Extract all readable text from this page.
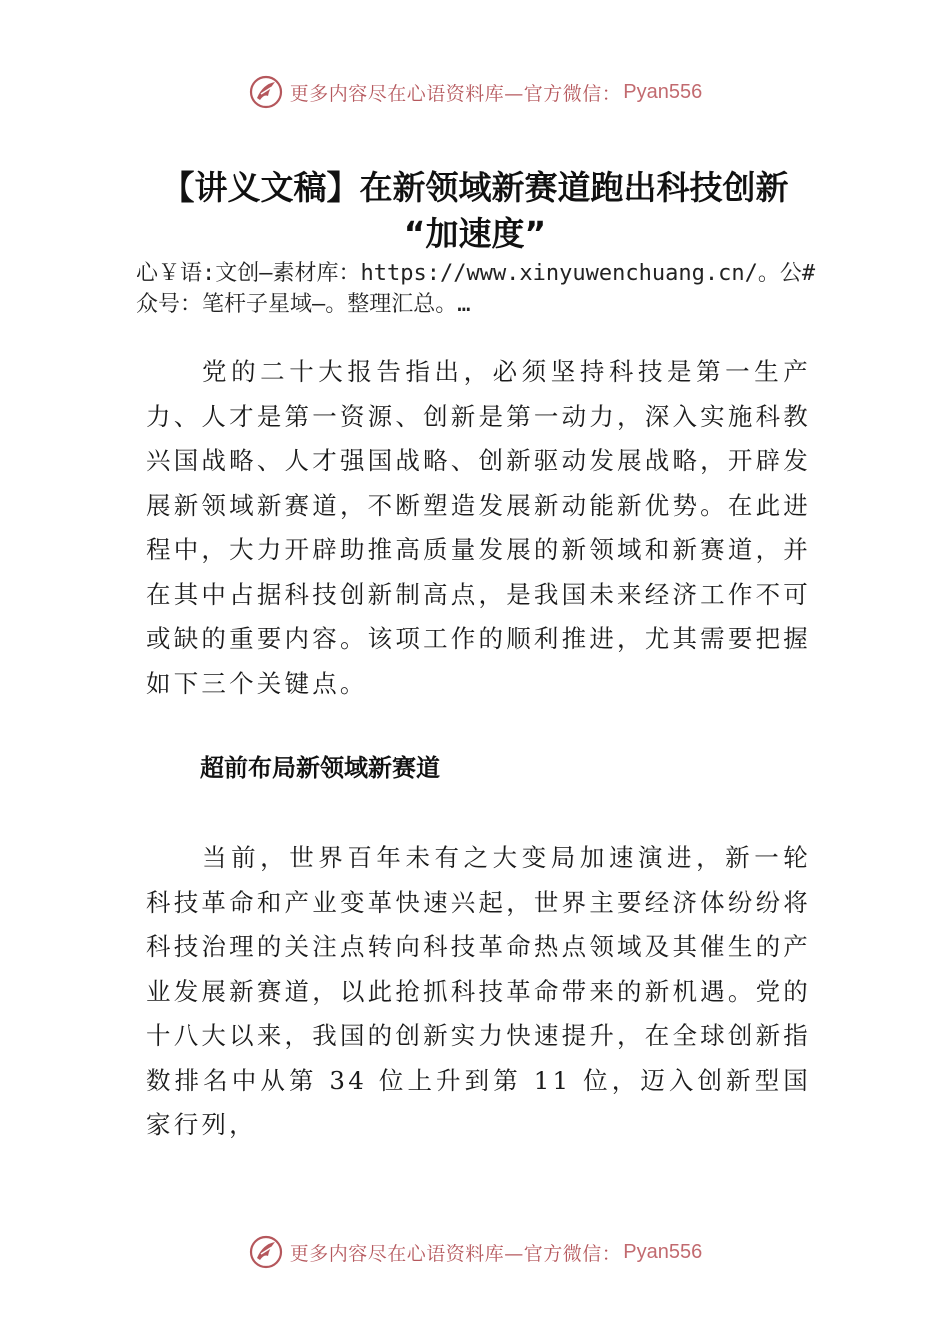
更多内容尽在心语资料库—官方微信： Pyan556
【讲义文稿】在新领域新赛道跑出科技创新
“加速度”
心￥语:文创—素材库：https://www.xinyuwenchuang.cn/。公#众号：笔杆子星域—。整理汇总。…

党的二十大报告指出，必须坚持科技是第一生产力、人才是第一资源、创新是第一动力，深入实施科教兴国战略、人才强国战略、创新驱动发展战略，开辟发展新领域新赛道，不断塑造发展新动能新优势。在此进程中，大力开辟助推高质量发展的新领域和新赛道，并在其中占据科技创新制高点，是我国未来经济工作不可或缺的重要内容。该项工作的顺利推进，尤其需要把握如下三个关键点。

超前布局新领域新赛道

当前，世界百年未有之大变局加速演进，新一轮科技革命和产业变革快速兴起，世界主要经济体纷纷将科技治理的关注点转向科技革命热点领域及其催生的产业发展新赛道，以此抢抓科技革命带来的新机遇。党的十八大以来，我国的创新实力快速提升，在全球创新指数排名中从第 34 位上升到第 11 位，迈入创新型国家行列，

更多内容尽在心语资料库—官方微信： Pyan556
